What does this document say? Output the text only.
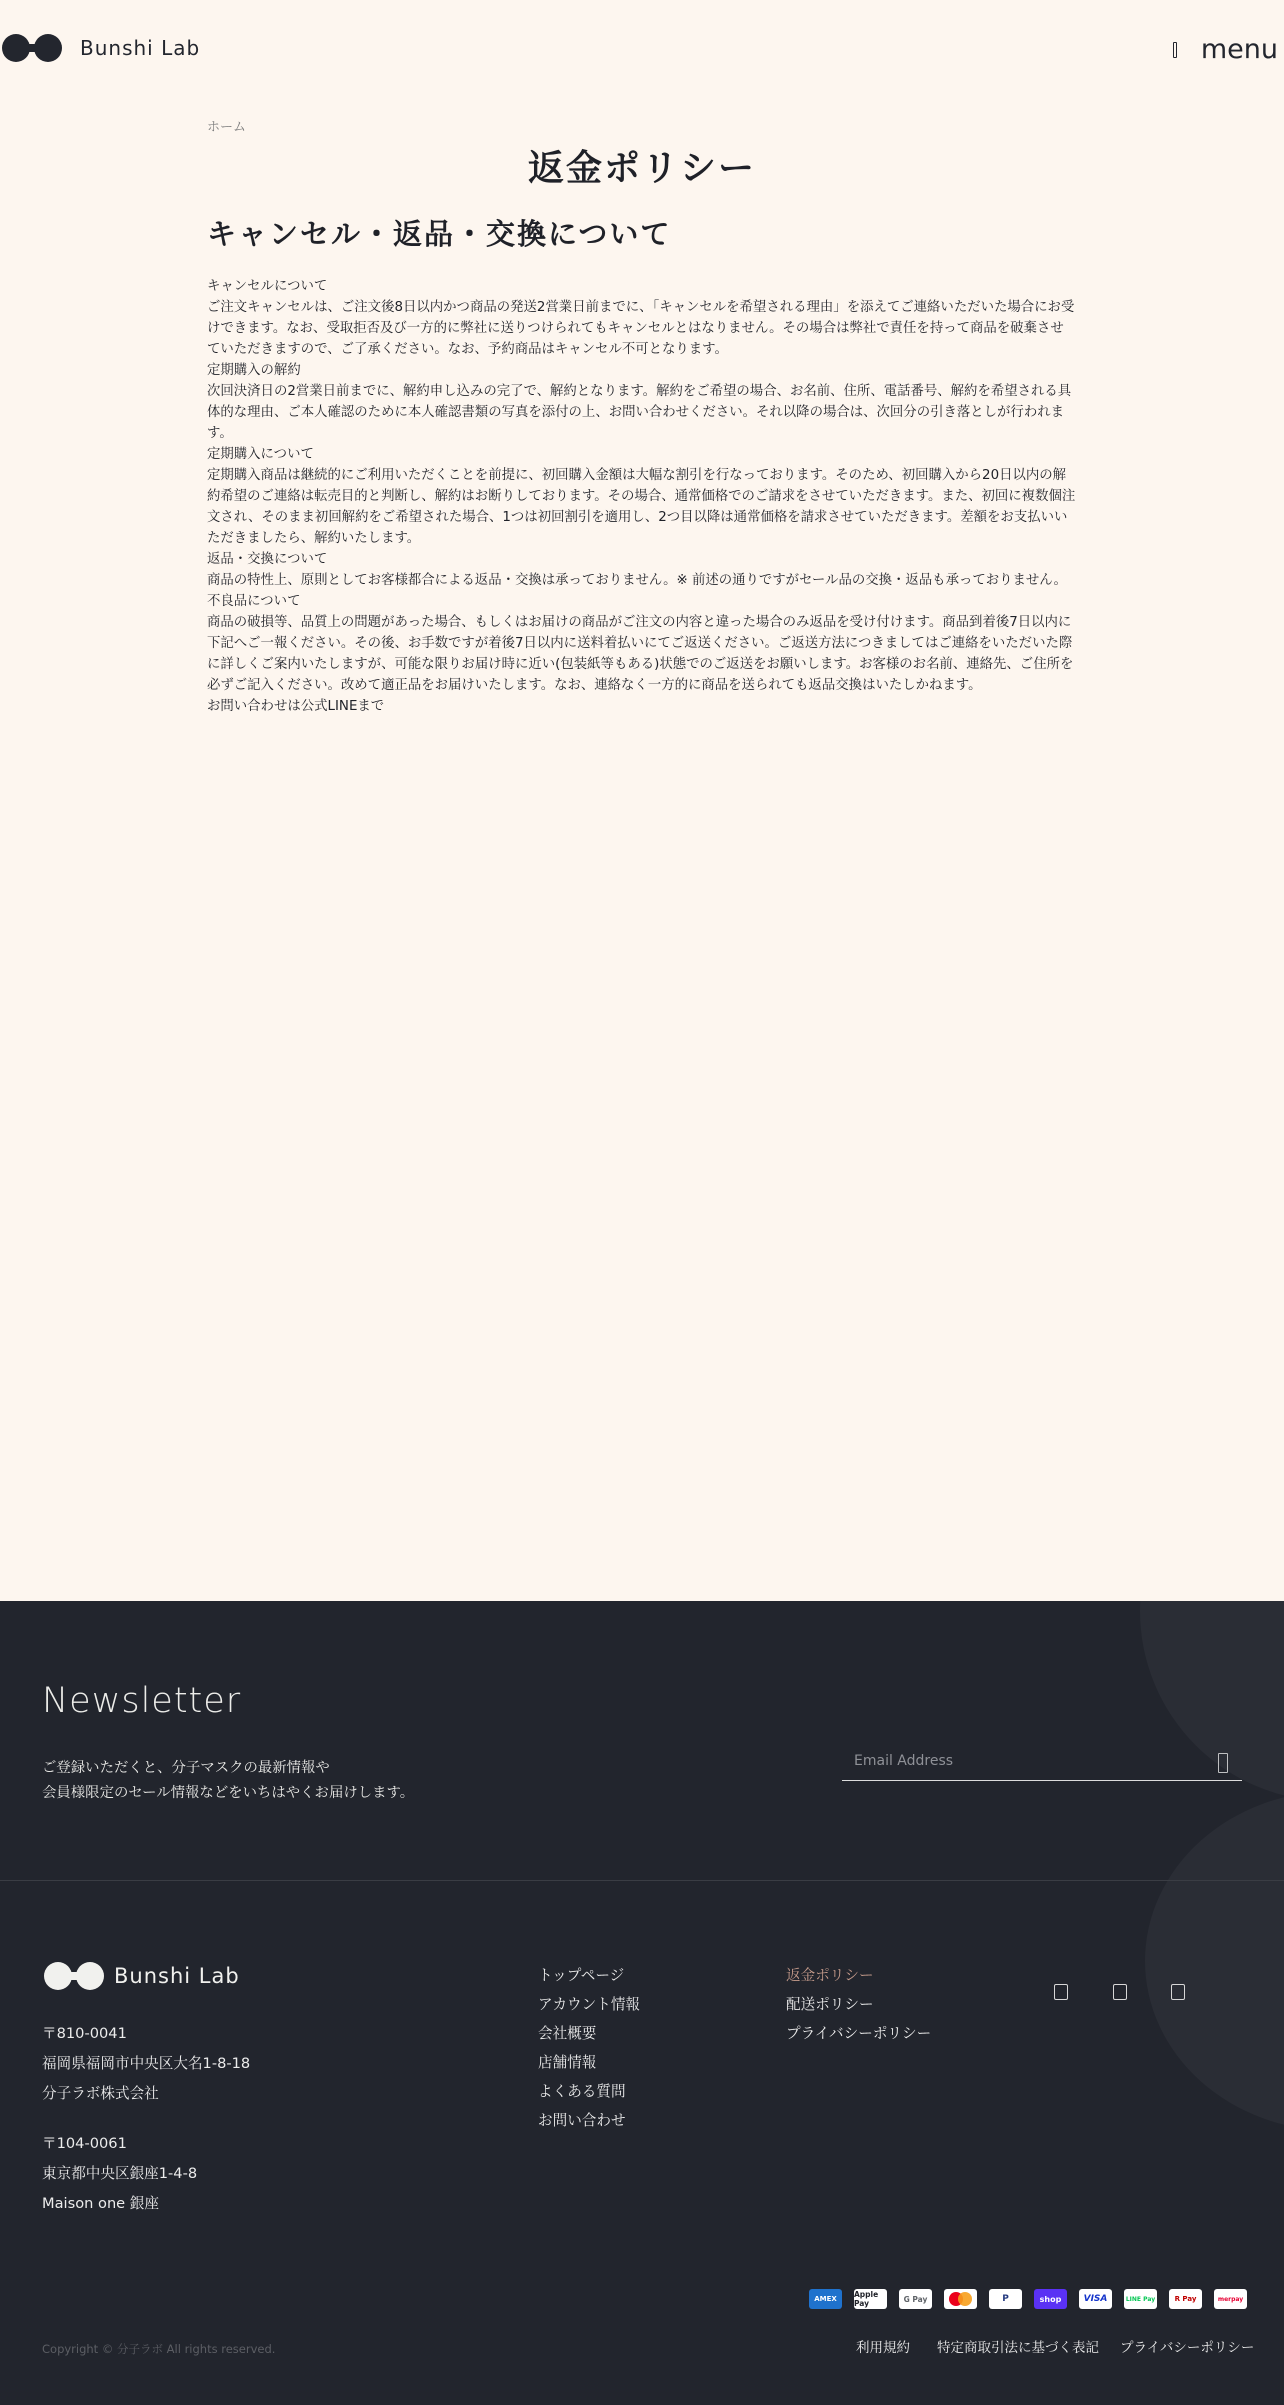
Bunshi Lab	menu
ホーム
返金ポリシー
キャンセル・返品・交換について

キャンセルについて

ご注文キャンセルは、ご注文後8日以内かつ商品の発送2営業日前までに、「キャンセルを希望される理由」を添えてご連絡いただいた場合にお受けできます。なお、受取拒否及び一方的に弊社に送りつけられてもキャンセルとはなりません。その場合は弊社で責任を持って商品を破棄させていただきますので、ご了承ください。なお、予約商品はキャンセル不可となります。

定期購入の解約

次回決済日の2営業日前までに、解約申し込みの完了で、解約となります。解約をご希望の場合、お名前、住所、電話番号、解約を希望される具体的な理由、ご本人確認のために本人確認書類の写真を添付の上、お問い合わせください。それ以降の場合は、次回分の引き落としが行われます。

定期購入について

定期購入商品は継続的にご利用いただくことを前提に、初回購入金額は大幅な割引を行なっております。そのため、初回購入から20日以内の解約希望のご連絡は転売目的と判断し、解約はお断りしております。その場合、通常価格でのご請求をさせていただきます。また、初回に複数個注文され、そのまま初回解約をご希望された場合、1つは初回割引を適用し、2つ目以降は通常価格を請求させていただきます。差額をお支払いいただきましたら、解約いたします。

返品・交換について

商品の特性上、原則としてお客様都合による返品・交換は承っておりません。※ 前述の通りですがセール品の交換・返品も承っておりません。

不良品について

商品の破損等、品質上の問題があった場合、もしくはお届けの商品がご注文の内容と違った場合のみ返品を受け付けます。商品到着後7日以内に下記へご一報ください。その後、お手数ですが着後7日以内に送料着払いにてご返送ください。ご返送方法につきましてはご連絡をいただいた際に詳しくご案内いたしますが、可能な限りお届け時に近い(包装紙等もある)状態でのご返送をお願いします。お客様のお名前、連絡先、ご住所を必ずご記入ください。改めて適正品をお届けいたします。なお、連絡なく一方的に商品を送られても返品交換はいたしかねます。

お問い合わせは公式LINEまで

Newsletter
ご登録いただくと、分子マスクの最新情報や
会員様限定のセール情報などをいちはやくお届けします。
Email Address
Bunshi Lab
〒810-0041
福岡県福岡市中央区大名1-8-18
分子ラボ株式会社
〒104-0061
東京都中央区銀座1-4-8
Maison one 銀座
トップページ
アカウント情報
会社概要
店舗情報
よくある質問
お問い合わせ
返金ポリシー
配送ポリシー
プライバシーポリシー
AMEX	Apple Pay	G Pay	P	shop	VISA	LINE Pay	R Pay	merpay
Copyright © 分子ラボ All rights reserved.	利用規約 特定商取引法に基づく表記 プライバシーポリシー
